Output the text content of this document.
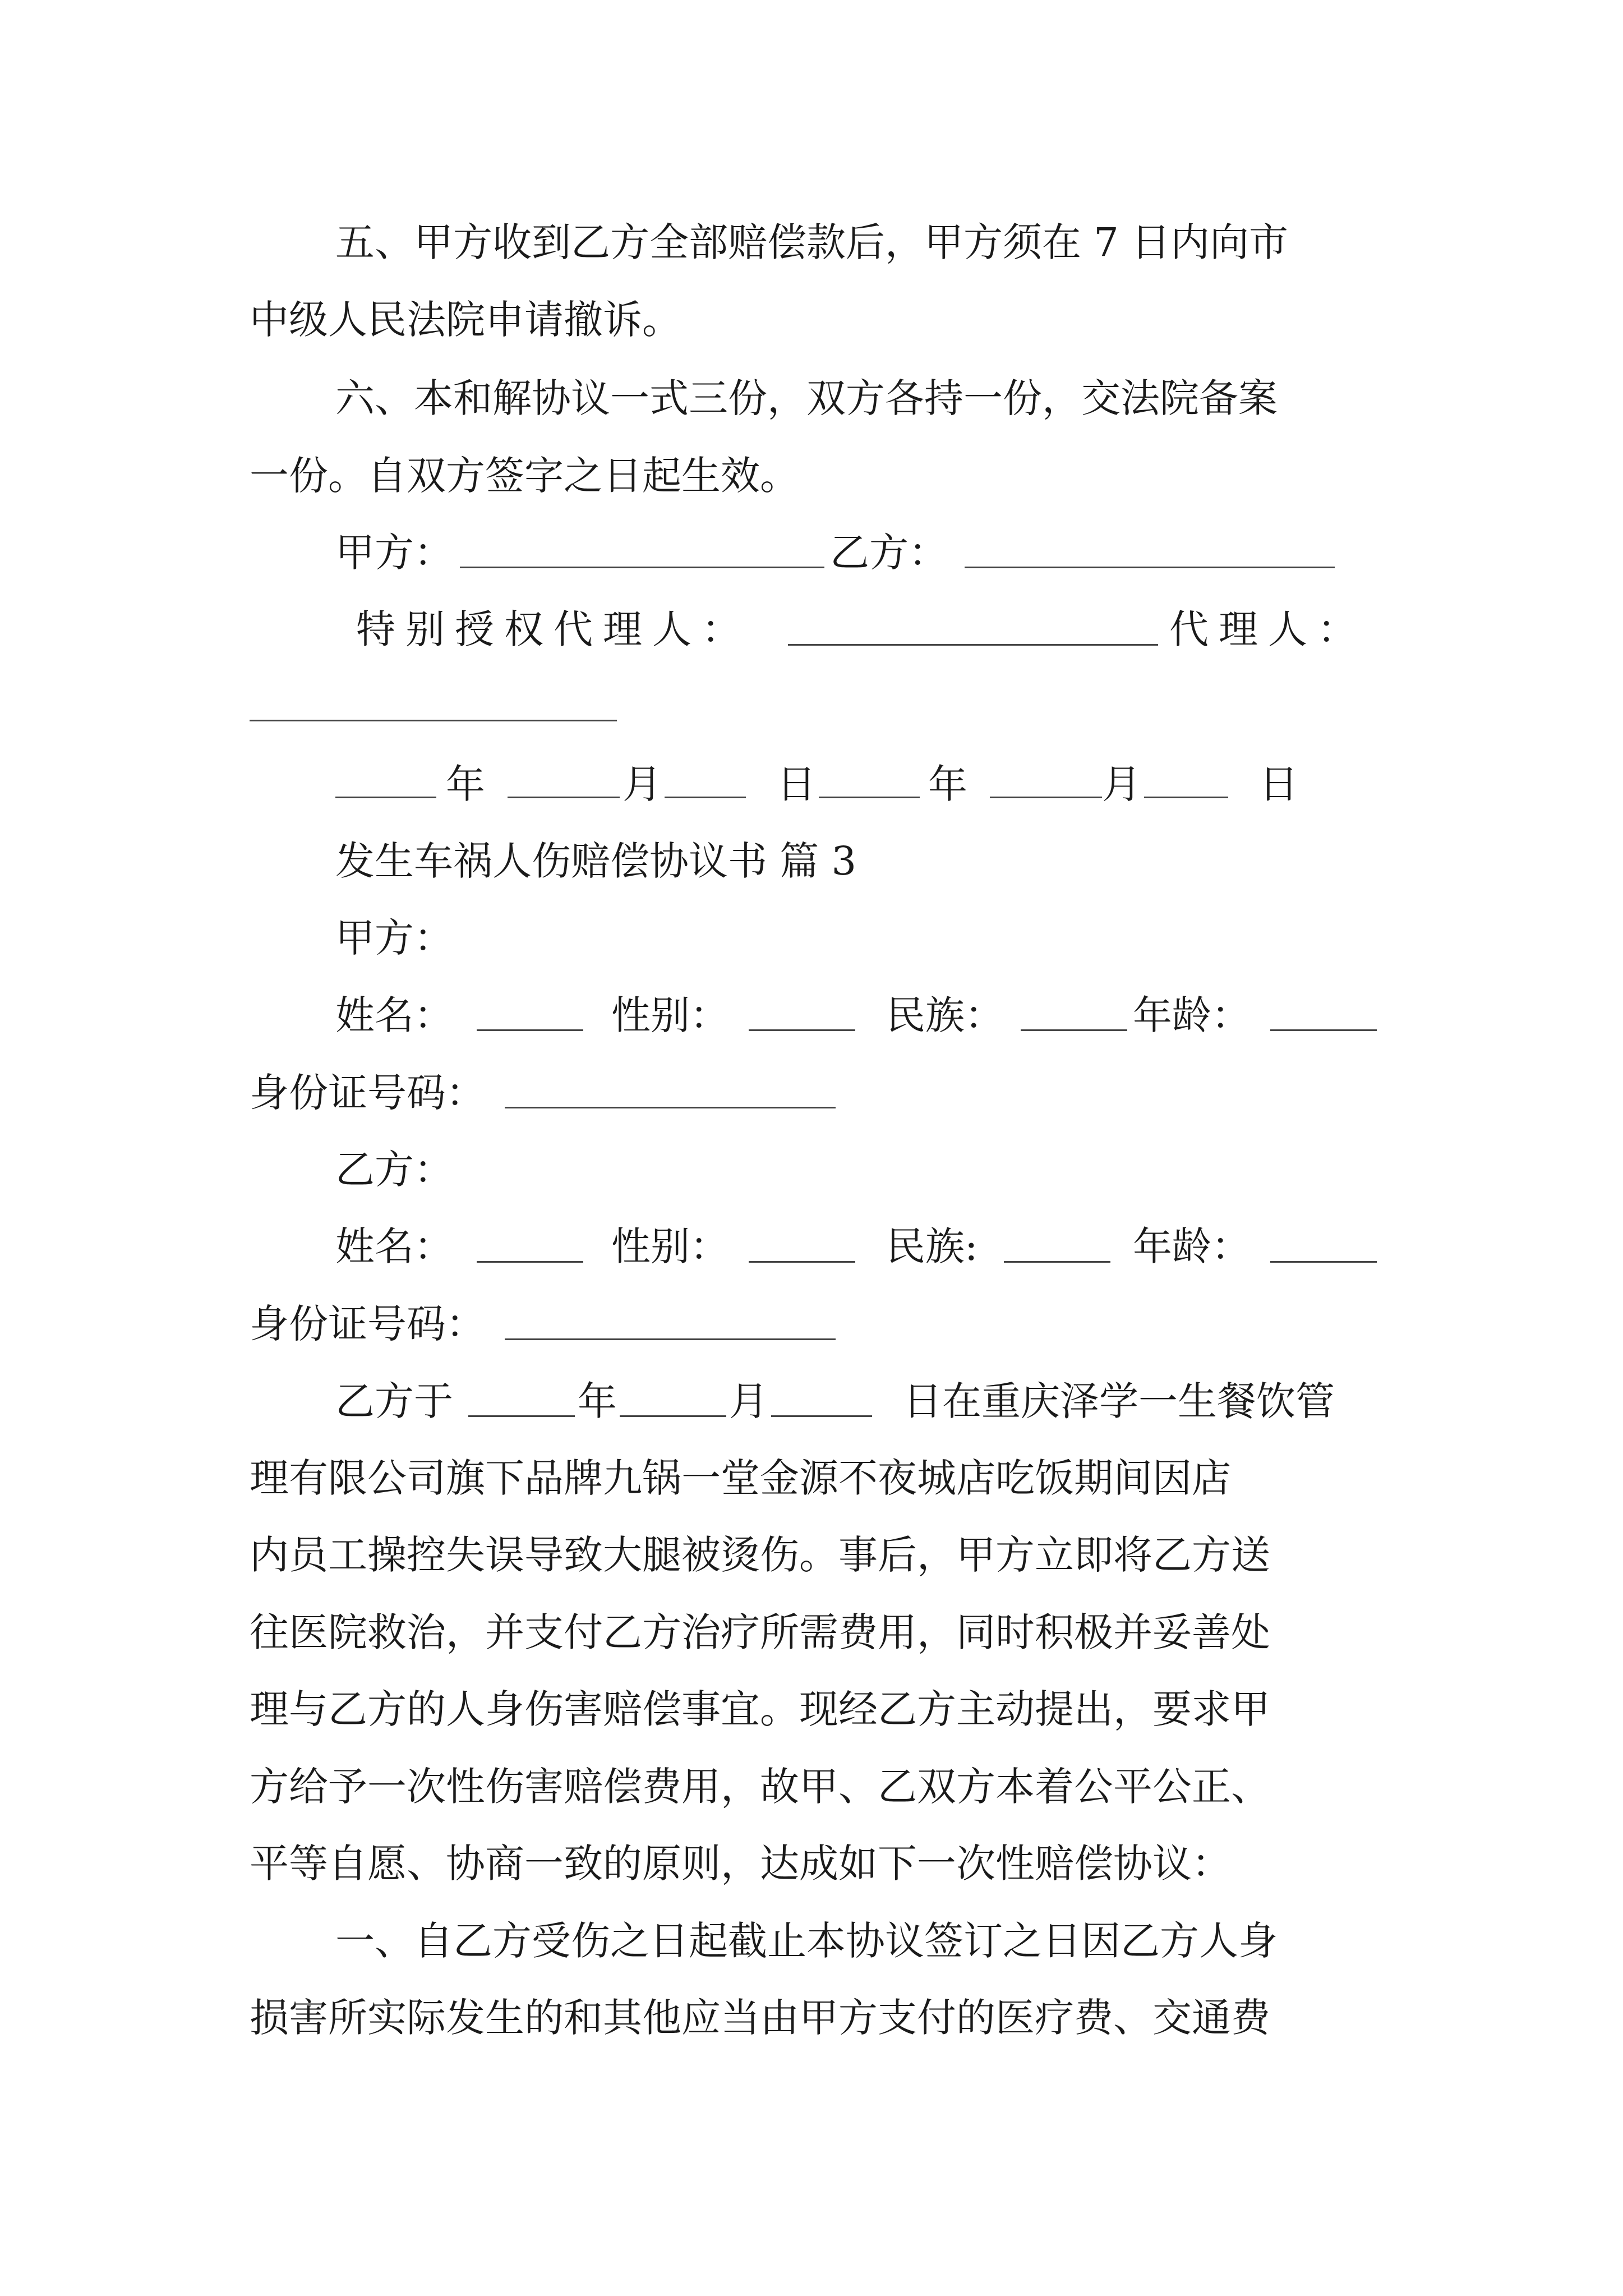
五、甲方收到乙方全部赔偿款后，甲方须在 7 日内向市
中级人民法院申请撤诉。
六、本和解协议一式三份，双方各持一份，交法院备案
一份。自双方签字之日起生效。
甲方：	乙方：
特别授权代理人：	代理人：
年	月	日	年	月	日
发生车祸人伤赔偿协议书 篇 3
甲方：
姓名：	性别：	民族：	年龄：
身份证号码：
乙方：
姓名：	性别：	民族:	年龄：
身份证号码：
乙方于	年	月	日在重庆泽学一生餐饮管
理有限公司旗下品牌九锅一堂金源不夜城店吃饭期间因店
内员工操控失误导致大腿被烫伤。事后，甲方立即将乙方送
往医院救治，并支付乙方治疗所需费用，同时积极并妥善处
理与乙方的人身伤害赔偿事宜。现经乙方主动提出，要求甲
方给予一次性伤害赔偿费用，故甲、乙双方本着公平公正、
平等自愿、协商一致的原则，达成如下一次性赔偿协议：
一、自乙方受伤之日起截止本协议签订之日因乙方人身
损害所实际发生的和其他应当由甲方支付的医疗费、交通费
